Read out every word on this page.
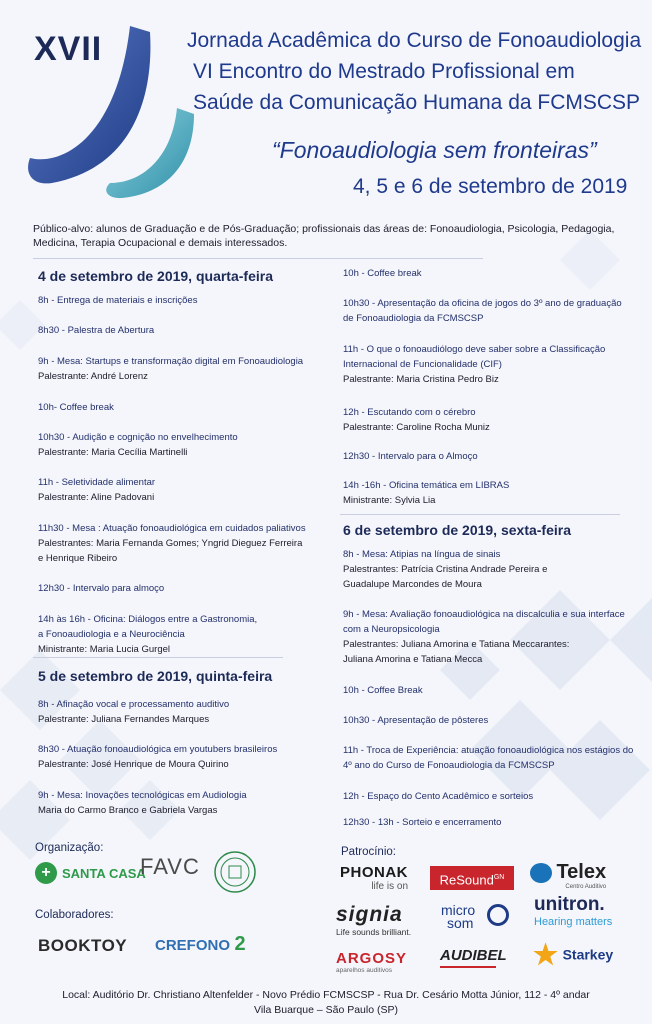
XVII	Jornada Acadêmica do Curso de Fonoaudiologia
VI Encontro do Mestrado Profissional em
Saúde da Comunicação Humana da FCMSCSP
“Fonoaudiologia sem fronteiras”
4, 5 e 6 de setembro de 2019
Público-alvo: alunos de Graduação e de Pós-Graduação; profissionais das áreas de: Fonoaudiologia, Psicologia, Pedagogia, Medicina, Terapia Ocupacional e demais interessados.
4 de setembro de 2019, quarta-feira
8h - Entrega de materiais e inscrições
8h30 - Palestra de Abertura
9h - Mesa: Startups e transformação digital em Fonoaudiologia
Palestrante: André Lorenz
10h- Coffee break
10h30 - Audição e cognição no envelhecimento
Palestrante: Maria Cecília Martinelli
11h - Seletividade alimentar
Palestrante: Aline Padovani
11h30 - Mesa : Atuação fonoaudiológica em cuidados paliativos
Palestrantes: Maria Fernanda Gomes; Yngrid Dieguez Ferreira
e Henrique Ribeiro
12h30 - Intervalo para almoço
14h às 16h - Oficina: Diálogos entre a Gastronomia,
a Fonoaudiologia e a Neurociência
Ministrante: Maria Lucia Gurgel
5 de setembro de 2019, quinta-feira
8h - Afinação vocal e processamento auditivo
Palestrante: Juliana Fernandes Marques
8h30 - Atuação fonoaudiológica em youtubers brasileiros
Palestrante: José Henrique de Moura Quirino
9h - Mesa: Inovações tecnológicas em Audiologia
Maria do Carmo Branco e Gabriela Vargas
10h - Coffee break
10h30 - Apresentação da oficina de jogos do 3º ano de graduação
de Fonoaudiologia da FCMSCSP
11h - O que o fonoaudiólogo deve saber sobre a Classificação
Internacional de Funcionalidade (CIF)
Palestrante: Maria Cristina Pedro Biz
12h - Escutando com o cérebro
Palestrante: Caroline Rocha Muniz
12h30 - Intervalo para o Almoço
14h -16h - Oficina temática em LIBRAS
Ministrante: Sylvia Lia
6 de setembro de 2019, sexta-feira
8h - Mesa: Atipias na língua de sinais
Palestrantes: Patrícia Cristina Andrade Pereira e
Guadalupe Marcondes de Moura
9h - Mesa: Avaliação fonoaudiológica na discalculia e sua interface
com a Neuropsicologia
Palestrantes: Juliana Amorina e Tatiana Meccarantes:
Juliana Amorina e Tatiana Mecca
10h - Coffee Break
10h30 - Apresentação de pôsteres
11h - Troca de Experiência: atuação fonoaudiológica nos estágios do
4º ano do Curso de Fonoaudiologia da FCMSCSP
12h - Espaço do Cento Acadêmico e sorteios
12h30 - 13h - Sorteio e encerramento
Organização:
+ SANTA CASA
FAVC
Colaboradores:
BOOKTOY CREFONO 2
Patrocínio:
PHONAK
life is on	ReSound$^{GN}$	Telex
Centro Auditivo
signia
Life sounds brilliant.
micro
som
unitron.
Hearing matters
ARGOSY
aparelhos auditivos
AUDIBEL ★ Starkey
Local: Auditório Dr. Christiano Altenfelder - Novo Prédio FCMSCSP - Rua Dr. Cesário Motta Júnior, 112 - 4º andar
Vila Buarque – São Paulo (SP)
